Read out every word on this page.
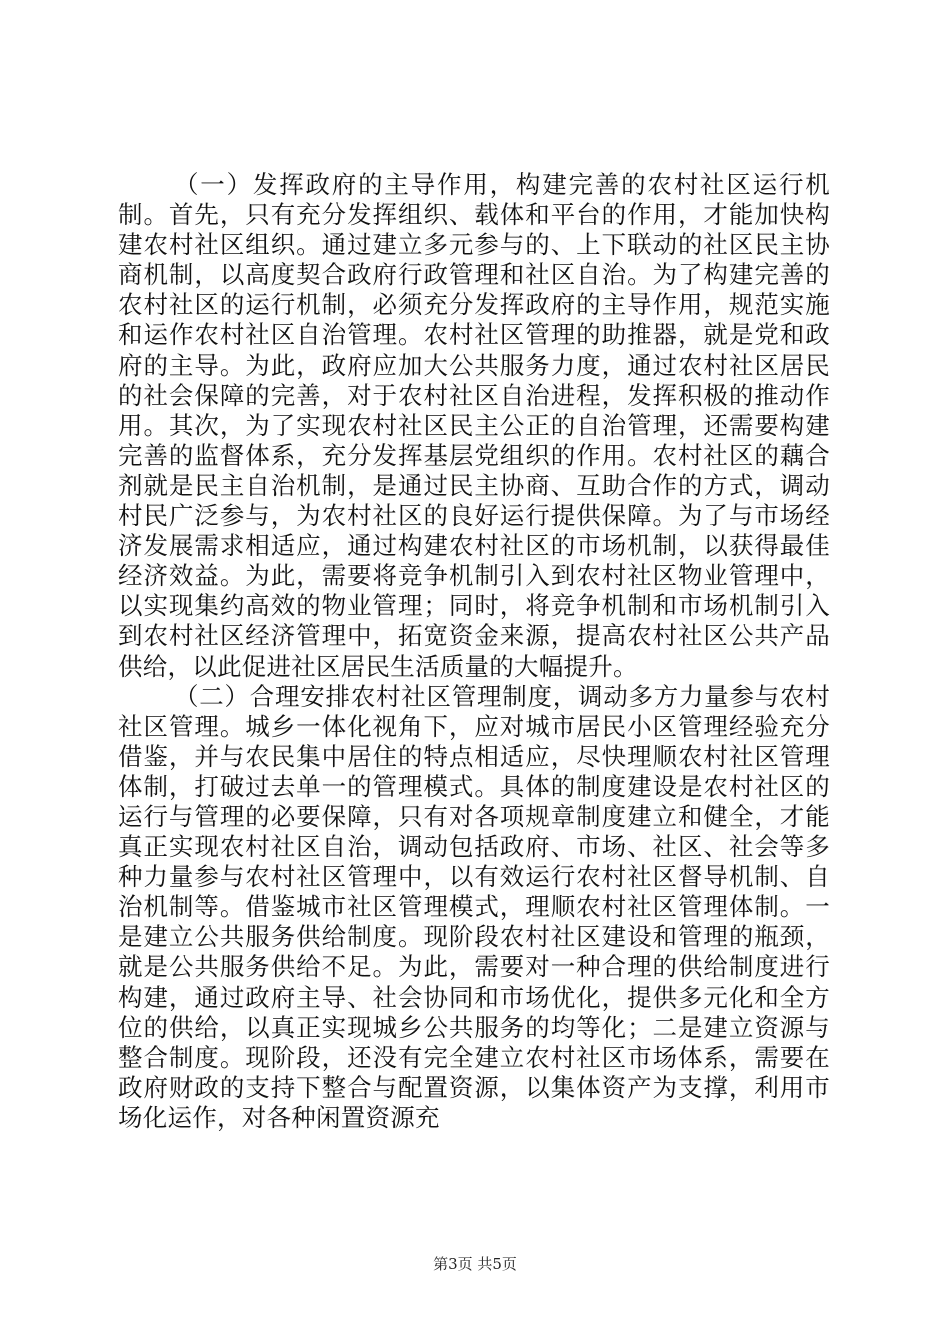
（一）发挥政府的主导作用，构建完善的农村社区运行机制。首先，只有充分发挥组织、载体和平台的作用，才能加快构建农村社区组织。通过建立多元参与的、上下联动的社区民主协商机制，以高度契合政府行政管理和社区自治。为了构建完善的农村社区的运行机制，必须充分发挥政府的主导作用，规范实施和运作农村社区自治管理。农村社区管理的助推器，就是党和政府的主导。为此，政府应加大公共服务力度，通过农村社区居民的社会保障的完善，对于农村社区自治进程，发挥积极的推动作用。其次，为了实现农村社区民主公正的自治管理，还需要构建完善的监督体系，充分发挥基层党组织的作用。农村社区的藕合剂就是民主自治机制，是通过民主协商、互助合作的方式，调动村民广泛参与，为农村社区的良好运行提供保障。为了与市场经济发展需求相适应，通过构建农村社区的市场机制，以获得最佳经济效益。为此，需要将竞争机制引入到农村社区物业管理中，以实现集约高效的物业管理；同时，将竞争机制和市场机制引入到农村社区经济管理中，拓宽资金来源，提高农村社区公共产品供给，以此促进社区居民生活质量的大幅提升。

（二）合理安排农村社区管理制度，调动多方力量参与农村社区管理。城乡一体化视角下，应对城市居民小区管理经验充分借鉴，并与农民集中居住的特点相适应，尽快理顺农村社区管理体制，打破过去单一的管理模式。具体的制度建设是农村社区的运行与管理的必要保障，只有对各项规章制度建立和健全，才能真正实现农村社区自治，调动包括政府、市场、社区、社会等多种力量参与农村社区管理中，以有效运行农村社区督导机制、自治机制等。借鉴城市社区管理模式，理顺农村社区管理体制。一是建立公共服务供给制度。现阶段农村社区建设和管理的瓶颈，就是公共服务供给不足。为此，需要对一种合理的供给制度进行构建，通过政府主导、社会协同和市场优化，提供多元化和全方位的供给，以真正实现城乡公共服务的均等化；二是建立资源与整合制度。现阶段，还没有完全建立农村社区市场体系，需要在政府财政的支持下整合与配置资源，以集体资产为支撑，利用市场化运作，对各种闲置资源充

第3页 共5页
